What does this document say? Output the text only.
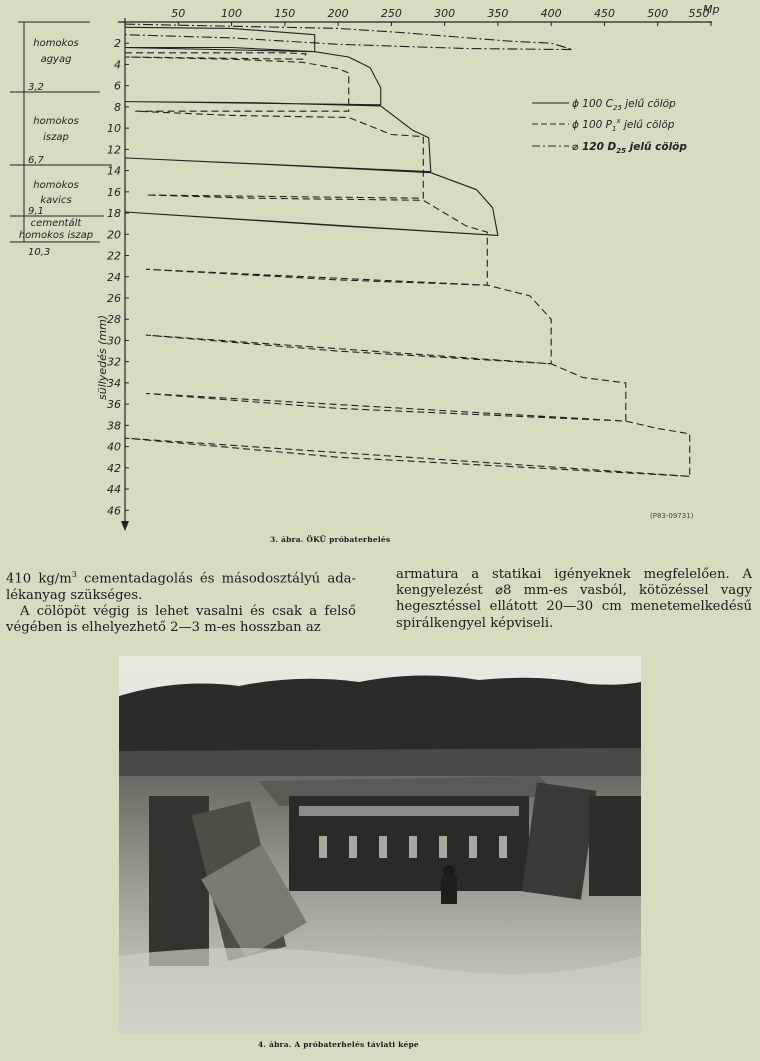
50	100	150	200	250	300	350	400	450	500 550
2
4
6
8
10
12
14
16
18
20
22
24
26
28
30
32
34
36
38
40
42
44
46
homokos
agyag
3,2
homokos
iszap
6,7
homokos
kavics
9,1
cementált
homokos iszap
10,3
ϕ 100 $C_{25}$ jelű cölöp
ϕ 100 $P_1^x$ jelű cölöp
⌀ 120 $D_{25}$ jelű cölöp
Mp
süllyedés (mm)
(P83-09731)
3. ábra. ÖKÜ próbaterhelés

410 $kg/m^3$ cementadagolás és másodosztályú ada-lékanyag szükséges.

A cölöpöt végig is lehet vasalni és csak a felső végében is elhelyezhető 2—3 m-es hosszban az

armatura a statikai igényeknek megfelelően. A kengyelezést ⌀8 mm-es vasból, kötözéssel vagy hegesztéssel ellátott 20—30 cm menetemelkedésű spirálkengyel képviseli.

4. ábra. A próbaterhelés távlati képe
